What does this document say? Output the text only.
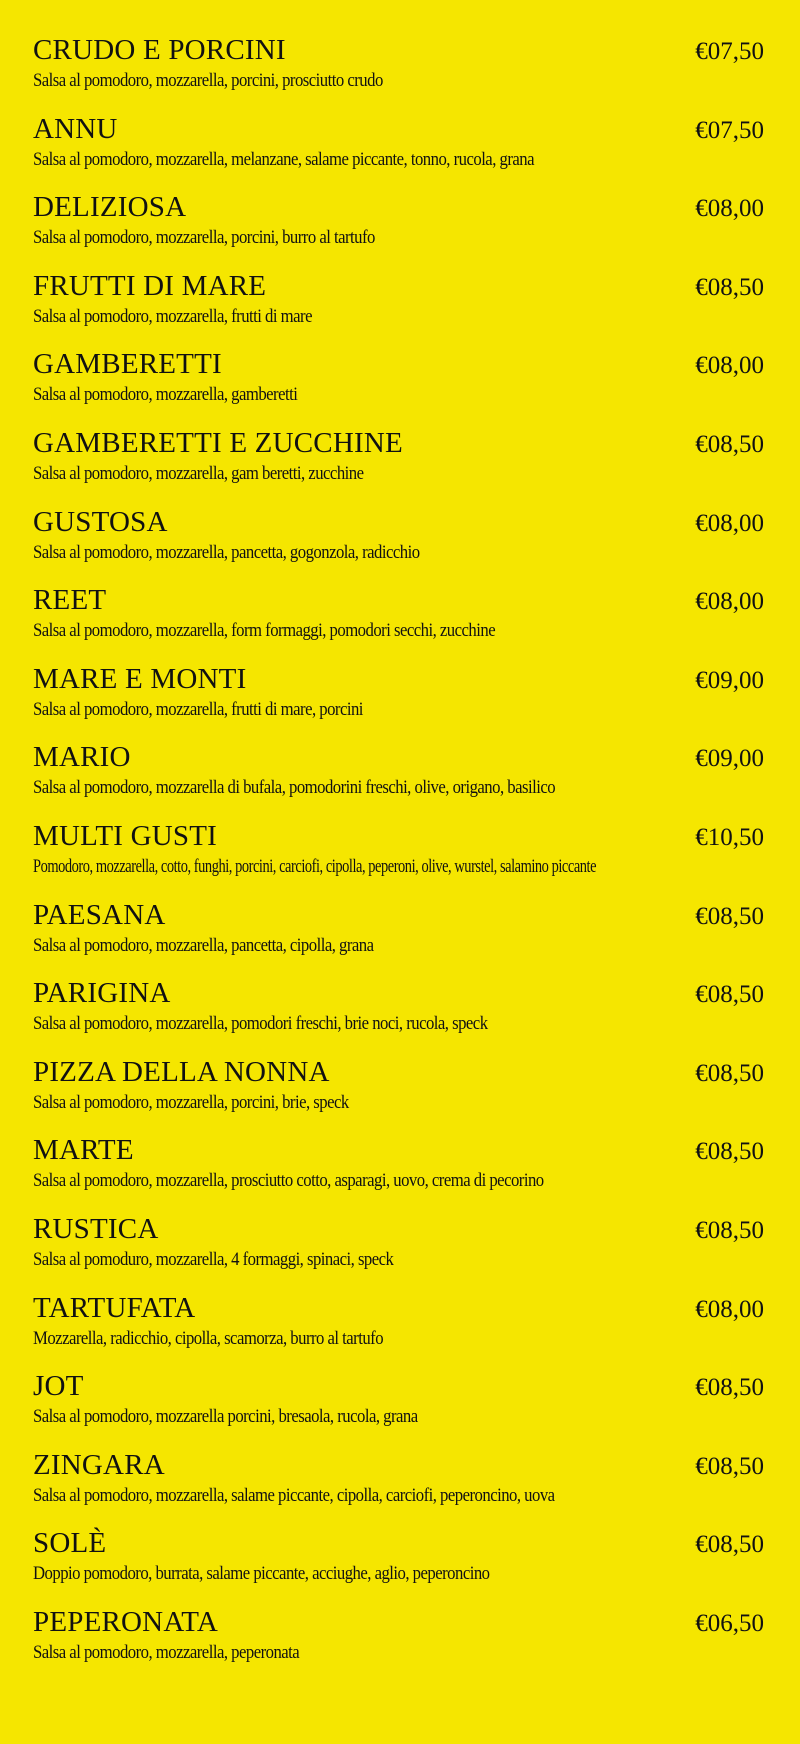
CRUDO E PORCINI	€07,50
Salsa al pomodoro, mozzarella, porcini, prosciutto crudo
ANNU	€07,50
Salsa al pomodoro, mozzarella, melanzane, salame piccante, tonno, rucola, grana
DELIZIOSA	€08,00
Salsa al pomodoro, mozzarella, porcini, burro al tartufo
FRUTTI DI MARE	€08,50
Salsa al pomodoro, mozzarella, frutti di mare
GAMBERETTI	€08,00
Salsa al pomodoro, mozzarella, gamberetti
GAMBERETTI E ZUCCHINE	€08,50
Salsa al pomodoro, mozzarella, gam beretti, zucchine
GUSTOSA	€08,00
Salsa al pomodoro, mozzarella, pancetta, gogonzola, radicchio
REET	€08,00
Salsa al pomodoro, mozzarella, form formaggi, pomodori secchi, zucchine
MARE E MONTI	€09,00
Salsa al pomodoro, mozzarella, frutti di mare, porcini
MARIO	€09,00
Salsa al pomodoro, mozzarella di bufala, pomodorini freschi, olive, origano, basilico
MULTI GUSTI	€10,50
Pomodoro, mozzarella, cotto, funghi, porcini, carciofi, cipolla, peperoni, olive, wurstel, salamino piccante
PAESANA	€08,50
Salsa al pomodoro, mozzarella, pancetta, cipolla, grana
PARIGINA	€08,50
Salsa al pomodoro, mozzarella, pomodori freschi, brie noci, rucola, speck
PIZZA DELLA NONNA	€08,50
Salsa al pomodoro, mozzarella, porcini, brie, speck
MARTE	€08,50
Salsa al pomodoro, mozzarella, prosciutto cotto, asparagi, uovo, crema di pecorino
RUSTICA	€08,50
Salsa al pomoduro, mozzarella, 4 formaggi, spinaci, speck
TARTUFATA	€08,00
Mozzarella, radicchio, cipolla, scamorza, burro al tartufo
JOT	€08,50
Salsa al pomodoro, mozzarella porcini, bresaola, rucola, grana
ZINGARA	€08,50
Salsa al pomodoro, mozzarella, salame piccante, cipolla, carciofi, peperoncino, uova
SOLÈ	€08,50
Doppio pomodoro, burrata, salame piccante, acciughe, aglio, peperoncino
PEPERONATA	€06,50
Salsa al pomodoro, mozzarella, peperonata
